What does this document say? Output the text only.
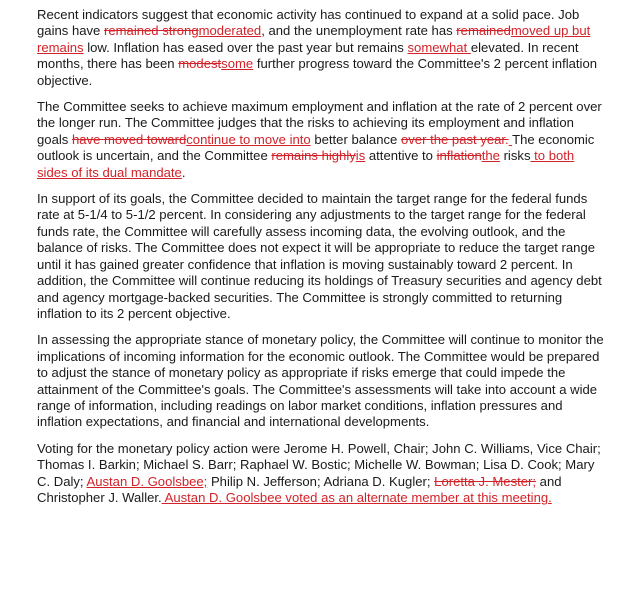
Recent indicators suggest that economic activity has continued to expand at a solid pace. Job gains have remained strongmoderated, and the unemployment rate has remainedmoved up but remains low. Inflation has eased over the past year but remains somewhat elevated. In recent months, there has been modestsome further progress toward the Committee's 2 percent inflation objective.

The Committee seeks to achieve maximum employment and inflation at the rate of 2 percent over the longer run. The Committee judges that the risks to achieving its employment and inflation goals have moved towardcontinue to move into better balance over the past year. The economic outlook is uncertain, and the Committee remains highlyis attentive to inflationthe risks to both sides of its dual mandate.

In support of its goals, the Committee decided to maintain the target range for the federal funds rate at 5-1/4 to 5-1/2 percent. In considering any adjustments to the target range for the federal funds rate, the Committee will carefully assess incoming data, the evolving outlook, and the balance of risks. The Committee does not expect it will be appropriate to reduce the target range until it has gained greater confidence that inflation is moving sustainably toward 2 percent. In addition, the Committee will continue reducing its holdings of Treasury securities and agency debt and agency mortgage-backed securities. The Committee is strongly committed to returning inflation to its 2 percent objective.

In assessing the appropriate stance of monetary policy, the Committee will continue to monitor the implications of incoming information for the economic outlook. The Committee would be prepared to adjust the stance of monetary policy as appropriate if risks emerge that could impede the attainment of the Committee's goals. The Committee's assessments will take into account a wide range of information, including readings on labor market conditions, inflation pressures and inflation expectations, and financial and international developments.

Voting for the monetary policy action were Jerome H. Powell, Chair; John C. Williams, Vice Chair; Thomas I. Barkin; Michael S. Barr; Raphael W. Bostic; Michelle W. Bowman; Lisa D. Cook; Mary C. Daly; Austan D. Goolsbee; Philip N. Jefferson; Adriana D. Kugler; Loretta J. Mester; and Christopher J. Waller. Austan D. Goolsbee voted as an alternate member at this meeting.
